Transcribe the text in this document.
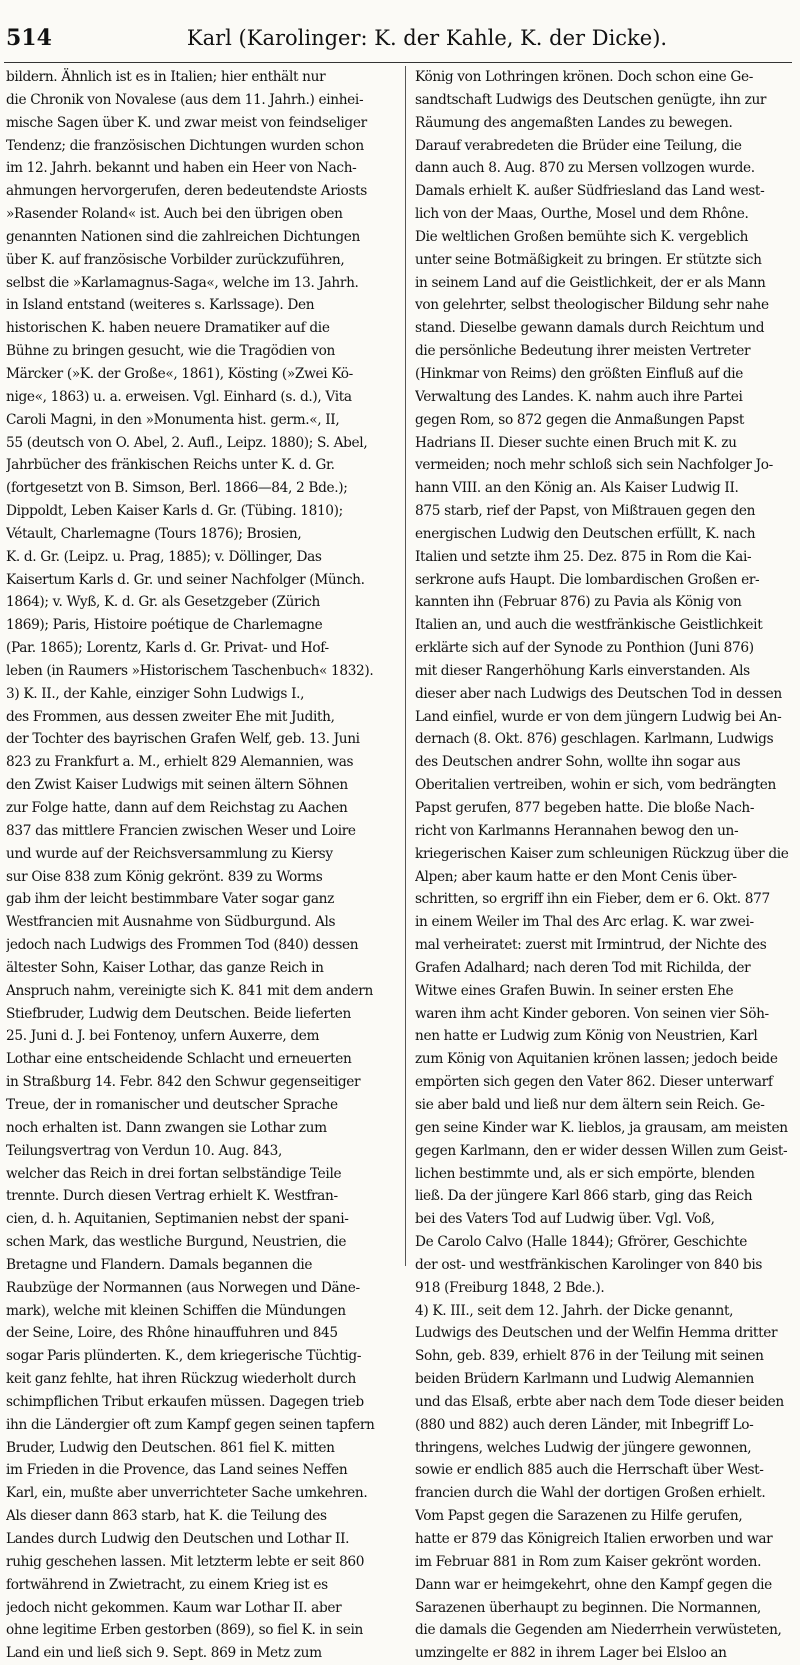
514	Karl (Karolinger: K. der Kahle, K. der Dicke).
bildern. Ähnlich ist es in Italien; hier enthält nur
die Chronik von Novalese (aus dem 11. Jahrh.) einhei-
mische Sagen über K. und zwar meist von feindseliger
Tendenz; die französischen Dichtungen wurden schon
im 12. Jahrh. bekannt und haben ein Heer von Nach-
ahmungen hervorgerufen, deren bedeutendste Ariosts
»Rasender Roland« ist. Auch bei den übrigen oben
genannten Nationen sind die zahlreichen Dichtungen
über K. auf französische Vorbilder zurückzuführen,
selbst die »Karlamagnus-Saga«, welche im 13. Jahrh.
in Island entstand (weiteres s. Karlssage). Den
historischen K. haben neuere Dramatiker auf die
Bühne zu bringen gesucht, wie die Tragödien von
Märcker (»K. der Große«, 1861), Kösting (»Zwei Kö-
nige«, 1863) u. a. erweisen. Vgl. Einhard (s. d.), Vita
Caroli Magni, in den »Monumenta hist. germ.«, II,
55 (deutsch von O. Abel, 2. Aufl., Leipz. 1880); S. Abel,
Jahrbücher des fränkischen Reichs unter K. d. Gr.
(fortgesetzt von B. Simson, Berl. 1866—84, 2 Bde.);
Dippoldt, Leben Kaiser Karls d. Gr. (Tübing. 1810);
Vétault, Charlemagne (Tours 1876); Brosien,
K. d. Gr. (Leipz. u. Prag, 1885); v. Döllinger, Das
Kaisertum Karls d. Gr. und seiner Nachfolger (Münch.
1864); v. Wyß, K. d. Gr. als Gesetzgeber (Zürich
1869); Paris, Histoire poétique de Charlemagne
(Par. 1865); Lorentz, Karls d. Gr. Privat- und Hof-
leben (in Raumers »Historischem Taschenbuch« 1832).
3) K. II., der Kahle, einziger Sohn Ludwigs I.,
des Frommen, aus dessen zweiter Ehe mit Judith,
der Tochter des bayrischen Grafen Welf, geb. 13. Juni
823 zu Frankfurt a. M., erhielt 829 Alemannien, was
den Zwist Kaiser Ludwigs mit seinen ältern Söhnen
zur Folge hatte, dann auf dem Reichstag zu Aachen
837 das mittlere Francien zwischen Weser und Loire
und wurde auf der Reichsversammlung zu Kiersy
sur Oise 838 zum König gekrönt. 839 zu Worms
gab ihm der leicht bestimmbare Vater sogar ganz
Westfrancien mit Ausnahme von Südburgund. Als
jedoch nach Ludwigs des Frommen Tod (840) dessen
ältester Sohn, Kaiser Lothar, das ganze Reich in
Anspruch nahm, vereinigte sich K. 841 mit dem andern
Stiefbruder, Ludwig dem Deutschen. Beide lieferten
25. Juni d. J. bei Fontenoy, unfern Auxerre, dem
Lothar eine entscheidende Schlacht und erneuerten
in Straßburg 14. Febr. 842 den Schwur gegenseitiger
Treue, der in romanischer und deutscher Sprache
noch erhalten ist. Dann zwangen sie Lothar zum
Teilungsvertrag von Verdun 10. Aug. 843,
welcher das Reich in drei fortan selbständige Teile
trennte. Durch diesen Vertrag erhielt K. Westfran-
cien, d. h. Aquitanien, Septimanien nebst der spani-
schen Mark, das westliche Burgund, Neustrien, die
Bretagne und Flandern. Damals begannen die
Raubzüge der Normannen (aus Norwegen und Däne-
mark), welche mit kleinen Schiffen die Mündungen
der Seine, Loire, des Rhône hinauffuhren und 845
sogar Paris plünderten. K., dem kriegerische Tüchtig-
keit ganz fehlte, hat ihren Rückzug wiederholt durch
schimpflichen Tribut erkaufen müssen. Dagegen trieb
ihn die Ländergier oft zum Kampf gegen seinen tapfern
Bruder, Ludwig den Deutschen. 861 fiel K. mitten
im Frieden in die Provence, das Land seines Neffen
Karl, ein, mußte aber unverrichteter Sache umkehren.
Als dieser dann 863 starb, hat K. die Teilung des
Landes durch Ludwig den Deutschen und Lothar II.
ruhig geschehen lassen. Mit letzterm lebte er seit 860
fortwährend in Zwietracht, zu einem Krieg ist es
jedoch nicht gekommen. Kaum war Lothar II. aber
ohne legitime Erben gestorben (869), so fiel K. in sein
Land ein und ließ sich 9. Sept. 869 in Metz zum
König von Lothringen krönen. Doch schon eine Ge-
sandtschaft Ludwigs des Deutschen genügte, ihn zur
Räumung des angemaßten Landes zu bewegen.
Darauf verabredeten die Brüder eine Teilung, die
dann auch 8. Aug. 870 zu Mersen vollzogen wurde.
Damals erhielt K. außer Südfriesland das Land west-
lich von der Maas, Ourthe, Mosel und dem Rhône.
Die weltlichen Großen bemühte sich K. vergeblich
unter seine Botmäßigkeit zu bringen. Er stützte sich
in seinem Land auf die Geistlichkeit, der er als Mann
von gelehrter, selbst theologischer Bildung sehr nahe
stand. Dieselbe gewann damals durch Reichtum und
die persönliche Bedeutung ihrer meisten Vertreter
(Hinkmar von Reims) den größten Einfluß auf die
Verwaltung des Landes. K. nahm auch ihre Partei
gegen Rom, so 872 gegen die Anmaßungen Papst
Hadrians II. Dieser suchte einen Bruch mit K. zu
vermeiden; noch mehr schloß sich sein Nachfolger Jo-
hann VIII. an den König an. Als Kaiser Ludwig II.
875 starb, rief der Papst, von Mißtrauen gegen den
energischen Ludwig den Deutschen erfüllt, K. nach
Italien und setzte ihm 25. Dez. 875 in Rom die Kai-
serkrone aufs Haupt. Die lombardischen Großen er-
kannten ihn (Februar 876) zu Pavia als König von
Italien an, und auch die westfränkische Geistlichkeit
erklärte sich auf der Synode zu Ponthion (Juni 876)
mit dieser Rangerhöhung Karls einverstanden. Als
dieser aber nach Ludwigs des Deutschen Tod in dessen
Land einfiel, wurde er von dem jüngern Ludwig bei An-
dernach (8. Okt. 876) geschlagen. Karlmann, Ludwigs
des Deutschen andrer Sohn, wollte ihn sogar aus
Oberitalien vertreiben, wohin er sich, vom bedrängten
Papst gerufen, 877 begeben hatte. Die bloße Nach-
richt von Karlmanns Herannahen bewog den un-
kriegerischen Kaiser zum schleunigen Rückzug über die
Alpen; aber kaum hatte er den Mont Cenis über-
schritten, so ergriff ihn ein Fieber, dem er 6. Okt. 877
in einem Weiler im Thal des Arc erlag. K. war zwei-
mal verheiratet: zuerst mit Irmintrud, der Nichte des
Grafen Adalhard; nach deren Tod mit Richilda, der
Witwe eines Grafen Buwin. In seiner ersten Ehe
waren ihm acht Kinder geboren. Von seinen vier Söh-
nen hatte er Ludwig zum König von Neustrien, Karl
zum König von Aquitanien krönen lassen; jedoch beide
empörten sich gegen den Vater 862. Dieser unterwarf
sie aber bald und ließ nur dem ältern sein Reich. Ge-
gen seine Kinder war K. lieblos, ja grausam, am meisten
gegen Karlmann, den er wider dessen Willen zum Geist-
lichen bestimmte und, als er sich empörte, blenden
ließ. Da der jüngere Karl 866 starb, ging das Reich
bei des Vaters Tod auf Ludwig über. Vgl. Voß,
De Carolo Calvo (Halle 1844); Gfrörer, Geschichte
der ost- und westfränkischen Karolinger von 840 bis
918 (Freiburg 1848, 2 Bde.).
4) K. III., seit dem 12. Jahrh. der Dicke genannt,
Ludwigs des Deutschen und der Welfin Hemma dritter
Sohn, geb. 839, erhielt 876 in der Teilung mit seinen
beiden Brüdern Karlmann und Ludwig Alemannien
und das Elsaß, erbte aber nach dem Tode dieser beiden
(880 und 882) auch deren Länder, mit Inbegriff Lo-
thringens, welches Ludwig der jüngere gewonnen,
sowie er endlich 885 auch die Herrschaft über West-
francien durch die Wahl der dortigen Großen erhielt.
Vom Papst gegen die Sarazenen zu Hilfe gerufen,
hatte er 879 das Königreich Italien erworben und war
im Februar 881 in Rom zum Kaiser gekrönt worden.
Dann war er heimgekehrt, ohne den Kampf gegen die
Sarazenen überhaupt zu beginnen. Die Normannen,
die damals die Gegenden am Niederrhein verwüsteten,
umzingelte er 882 in ihrem Lager bei Elsloo an
